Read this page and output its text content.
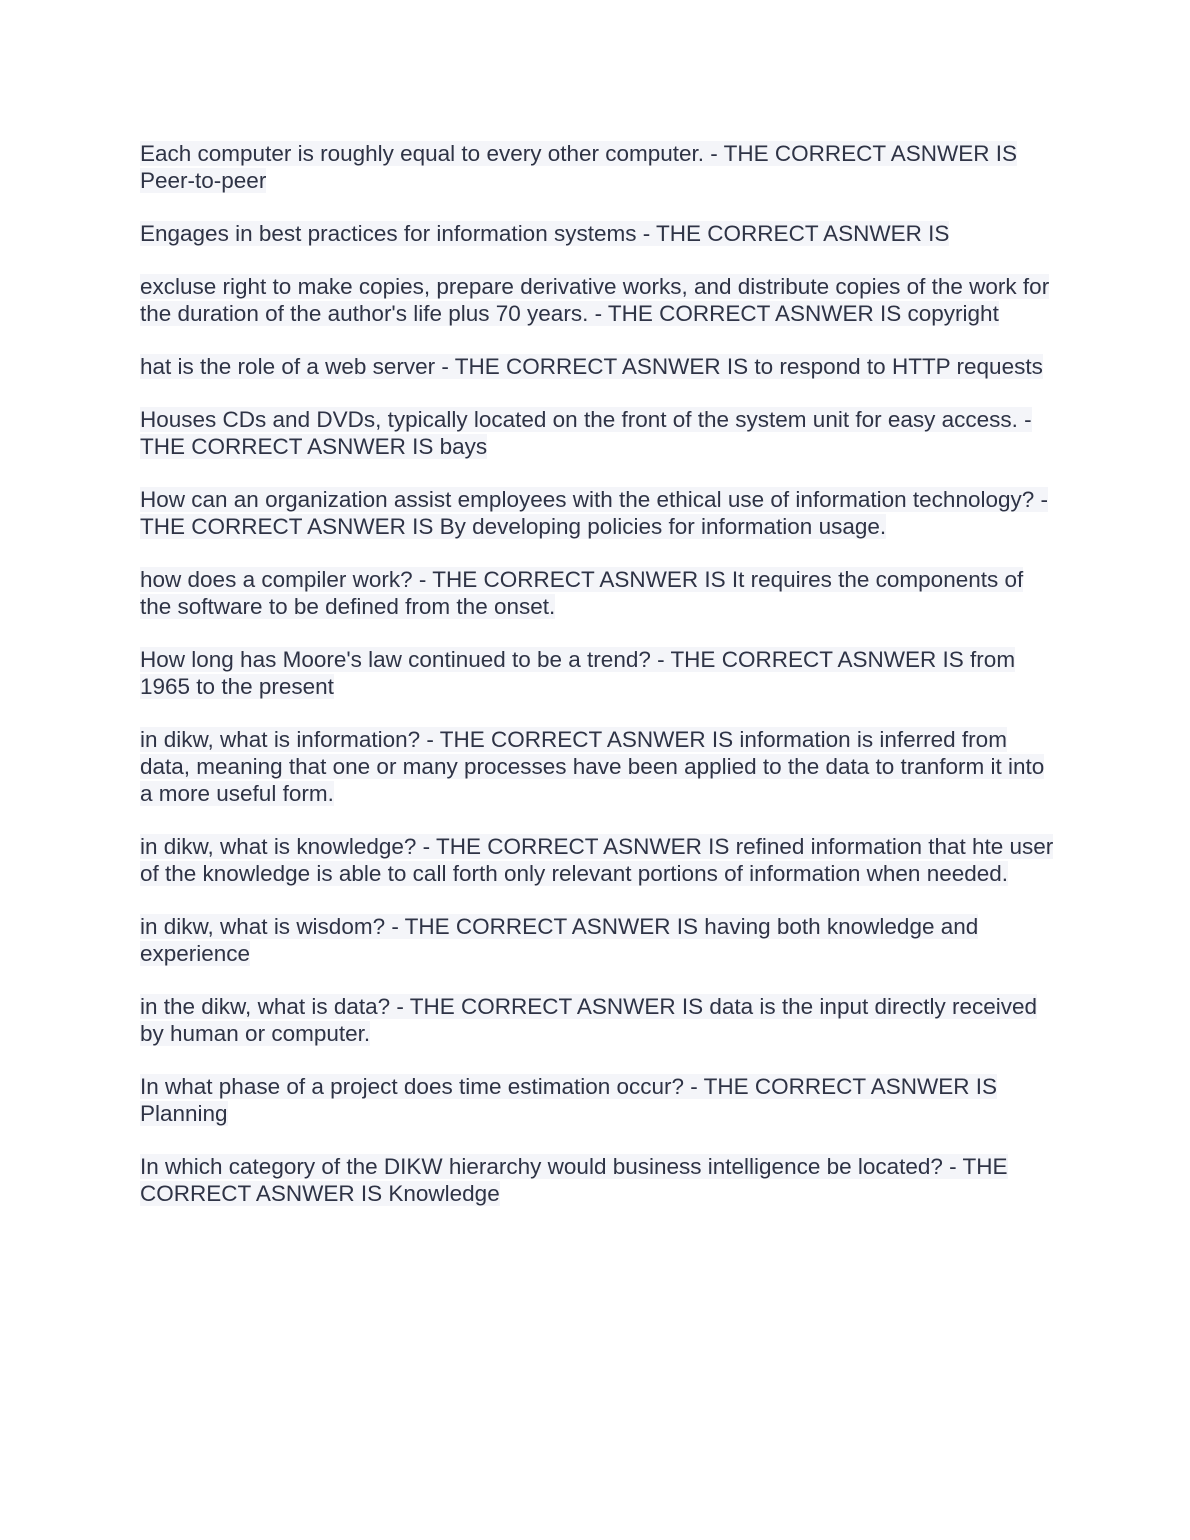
Each computer is roughly equal to every other computer. - THE CORRECT ASNWER IS Peer-to-peer

Engages in best practices for information systems - THE CORRECT ASNWER IS

excluse right to make copies, prepare derivative works, and distribute copies of the work for the duration of the author's life plus 70 years. - THE CORRECT ASNWER IS copyright

hat is the role of a web server - THE CORRECT ASNWER IS to respond to HTTP requests

Houses CDs and DVDs, typically located on the front of the system unit for easy access. - THE CORRECT ASNWER IS bays

How can an organization assist employees with the ethical use of information technology? - THE CORRECT ASNWER IS By developing policies for information usage.

how does a compiler work? - THE CORRECT ASNWER IS It requires the components of the software to be defined from the onset.

How long has Moore's law continued to be a trend? - THE CORRECT ASNWER IS from 1965 to the present

in dikw, what is information? - THE CORRECT ASNWER IS information is inferred from data, meaning that one or many processes have been applied to the data to tranform it into a more useful form.

in dikw, what is knowledge? - THE CORRECT ASNWER IS refined information that hte user of the knowledge is able to call forth only relevant portions of information when needed.

in dikw, what is wisdom? - THE CORRECT ASNWER IS having both knowledge and experience

in the dikw, what is data? - THE CORRECT ASNWER IS data is the input directly received by human or computer.

In what phase of a project does time estimation occur? - THE CORRECT ASNWER IS Planning

In which category of the DIKW hierarchy would business intelligence be located? - THE CORRECT ASNWER IS Knowledge
